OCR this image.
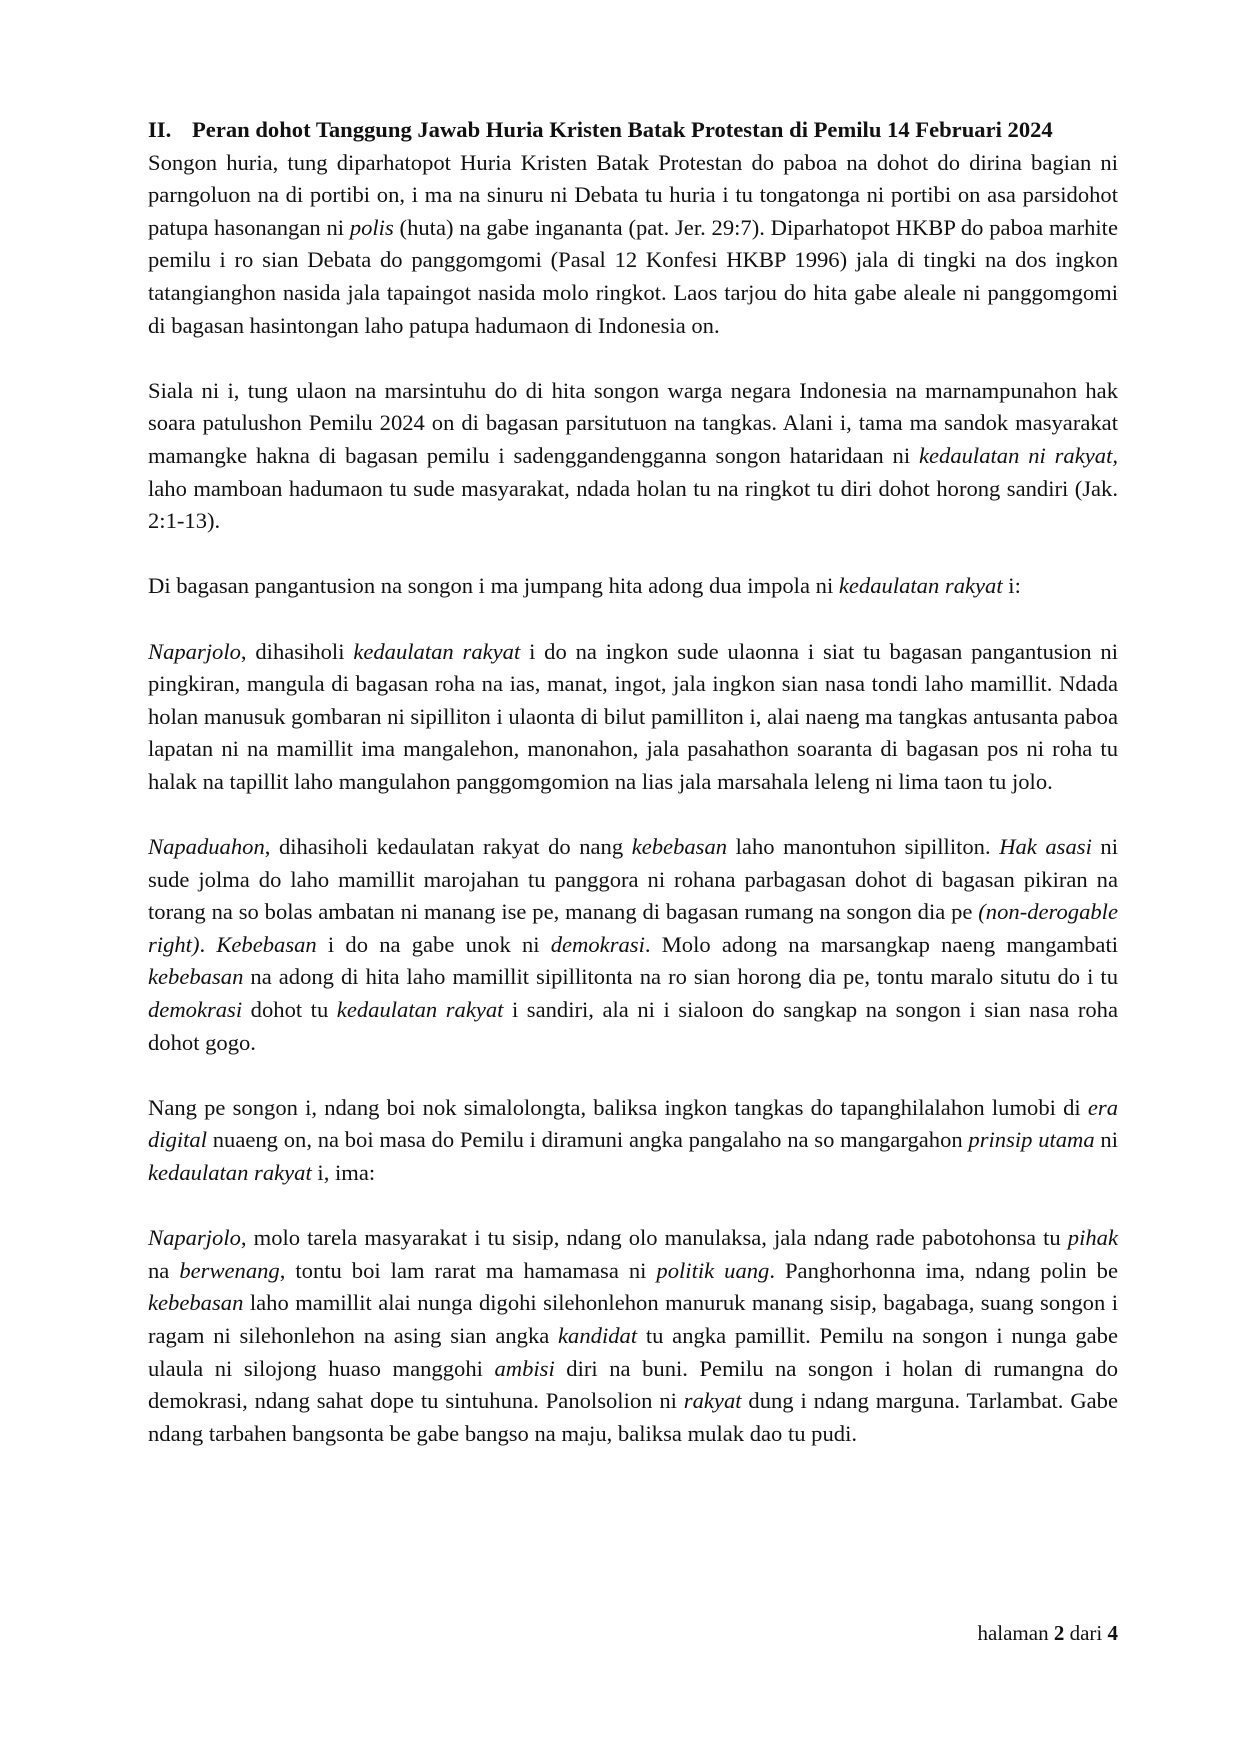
II. Peran dohot Tanggung Jawab Huria Kristen Batak Protestan di Pemilu 14 Februari 2024

Songon huria, tung diparhatopot Huria Kristen Batak Protestan do paboa na dohot do dirina bagian ni parngoluon na di portibi on, i ma na sinuru ni Debata tu huria i tu tongatonga ni portibi on asa parsidohot patupa hasonangan ni polis (huta) na gabe ingananta (pat. Jer. 29:7). Diparhatopot HKBP do paboa marhite pemilu i ro sian Debata do panggomgomi (Pasal 12 Konfesi HKBP 1996) jala di tingki na dos ingkon tatangianghon nasida jala tapaingot nasida molo ringkot. Laos tarjou do hita gabe aleale ni panggomgomi di bagasan hasintongan laho patupa hadumaon di Indonesia on.

Siala ni i, tung ulaon na marsintuhu do di hita songon warga negara Indonesia na marnampunahon hak soara patulushon Pemilu 2024 on di bagasan parsitutuon na tangkas. Alani i, tama ma sandok masyarakat mamangke hakna di bagasan pemilu i sadenggandengganna songon hataridaan ni kedaulatan ni rakyat, laho mamboan hadumaon tu sude masyarakat, ndada holan tu na ringkot tu diri dohot horong sandiri (Jak. 2:1-13).

Di bagasan pangantusion na songon i ma jumpang hita adong dua impola ni kedaulatan rakyat i:

Naparjolo, dihasiholi kedaulatan rakyat i do na ingkon sude ulaonna i siat tu bagasan pangantusion ni pingkiran, mangula di bagasan roha na ias, manat, ingot, jala ingkon sian nasa tondi laho mamillit. Ndada holan manusuk gombaran ni sipilliton i ulaonta di bilut pamilliton i, alai naeng ma tangkas antusanta paboa lapatan ni na mamillit ima mangalehon, manonahon, jala pasahathon soaranta di bagasan pos ni roha tu halak na tapillit laho mangulahon panggomgomion na lias jala marsahala leleng ni lima taon tu jolo.

Napaduahon, dihasiholi kedaulatan rakyat do nang kebebasan laho manontuhon sipilliton. Hak asasi ni sude jolma do laho mamillit marojahan tu panggora ni rohana parbagasan dohot di bagasan pikiran na torang na so bolas ambatan ni manang ise pe, manang di bagasan rumang na songon dia pe (non-derogable right). Kebebasan i do na gabe unok ni demokrasi. Molo adong na marsangkap naeng mangambati kebebasan na adong di hita laho mamillit sipillitonta na ro sian horong dia pe, tontu maralo situtu do i tu demokrasi dohot tu kedaulatan rakyat i sandiri, ala ni i sialoon do sangkap na songon i sian nasa roha dohot gogo.

Nang pe songon i, ndang boi nok simalolongta, baliksa ingkon tangkas do tapanghilalahon lumobi di era digital nuaeng on, na boi masa do Pemilu i diramuni angka pangalaho na so mangargahon prinsip utama ni kedaulatan rakyat i, ima:

Naparjolo, molo tarela masyarakat i tu sisip, ndang olo manulaksa, jala ndang rade pabotohonsa tu pihak na berwenang, tontu boi lam rarat ma hamamasa ni politik uang. Panghorhonna ima, ndang polin be kebebasan laho mamillit alai nunga digohi silehonlehon manuruk manang sisip, bagabaga, suang songon i ragam ni silehonlehon na asing sian angka kandidat tu angka pamillit. Pemilu na songon i nunga gabe ulaula ni silojong huaso manggohi ambisi diri na buni. Pemilu na songon i holan di rumangna do demokrasi, ndang sahat dope tu sintuhuna. Panolsolion ni rakyat dung i ndang marguna. Tarlambat. Gabe ndang tarbahen bangsonta be gabe bangso na maju, baliksa mulak dao tu pudi.

halaman 2 dari 4
